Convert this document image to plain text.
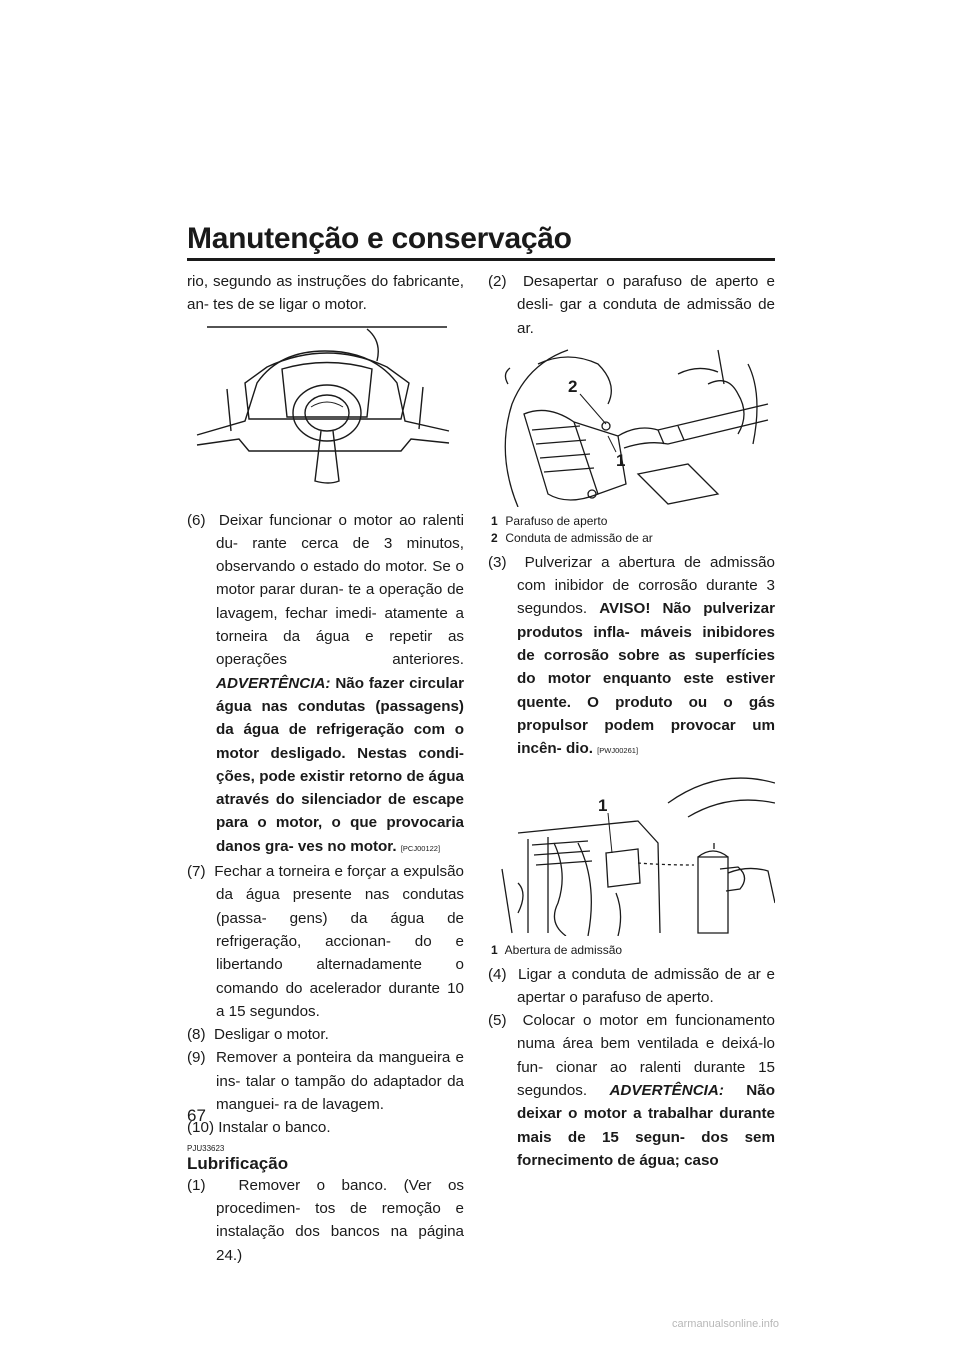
Manutenção e conservação
67

rio, segundo as instruções do fabricante, an- tes de se ligar o motor.

(6) Deixar funcionar o motor ao ralenti du- rante cerca de 3 minutos, observando o estado do motor. Se o motor parar duran- te a operação de lavagem, fechar imedi- atamente a torneira da água e repetir as operações anteriores. ADVERTÊNCIA: Não fazer circular água nas condutas (passagens) da água de refrigeração com o motor desligado. Nestas condi- ções, pode existir retorno de água através do silenciador de escape para o motor, o que provocaria danos gra- ves no motor. [PCJ00122]

(7) Fechar a torneira e forçar a expulsão da água presente nas condutas (passa- gens) da água de refrigeração, accionan- do e libertando alternadamente o comando do acelerador durante 10 a 15 segundos.

(8) Desligar o motor.

(9) Remover a ponteira da mangueira e ins- talar o tampão do adaptador da manguei- ra de lavagem.

(10) Instalar o banco.

PJU33623
Lubrificação

(1) Remover o banco. (Ver os procedimen- tos de remoção e instalação dos bancos na página 24.)

(2) Desapertar o parafuso de aperto e desli- gar a conduta de admissão de ar.

2
1
1 Parafuso de aperto
2 Conduta de admissão de ar

(3) Pulverizar a abertura de admissão com inibidor de corrosão durante 3 segundos. AVISO! Não pulverizar produtos infla- máveis inibidores de corrosão sobre as superfícies do motor enquanto este estiver quente. O produto ou o gás propulsor podem provocar um incên- dio. [PWJ00261]

1
1 Abertura de admissão

(4) Ligar a conduta de admissão de ar e apertar o parafuso de aperto.

(5) Colocar o motor em funcionamento numa área bem ventilada e deixá-lo fun- cionar ao ralenti durante 15 segundos. ADVERTÊNCIA: Não deixar o motor a trabalhar durante mais de 15 segun- dos sem fornecimento de água; caso

carmanualsonline.info
